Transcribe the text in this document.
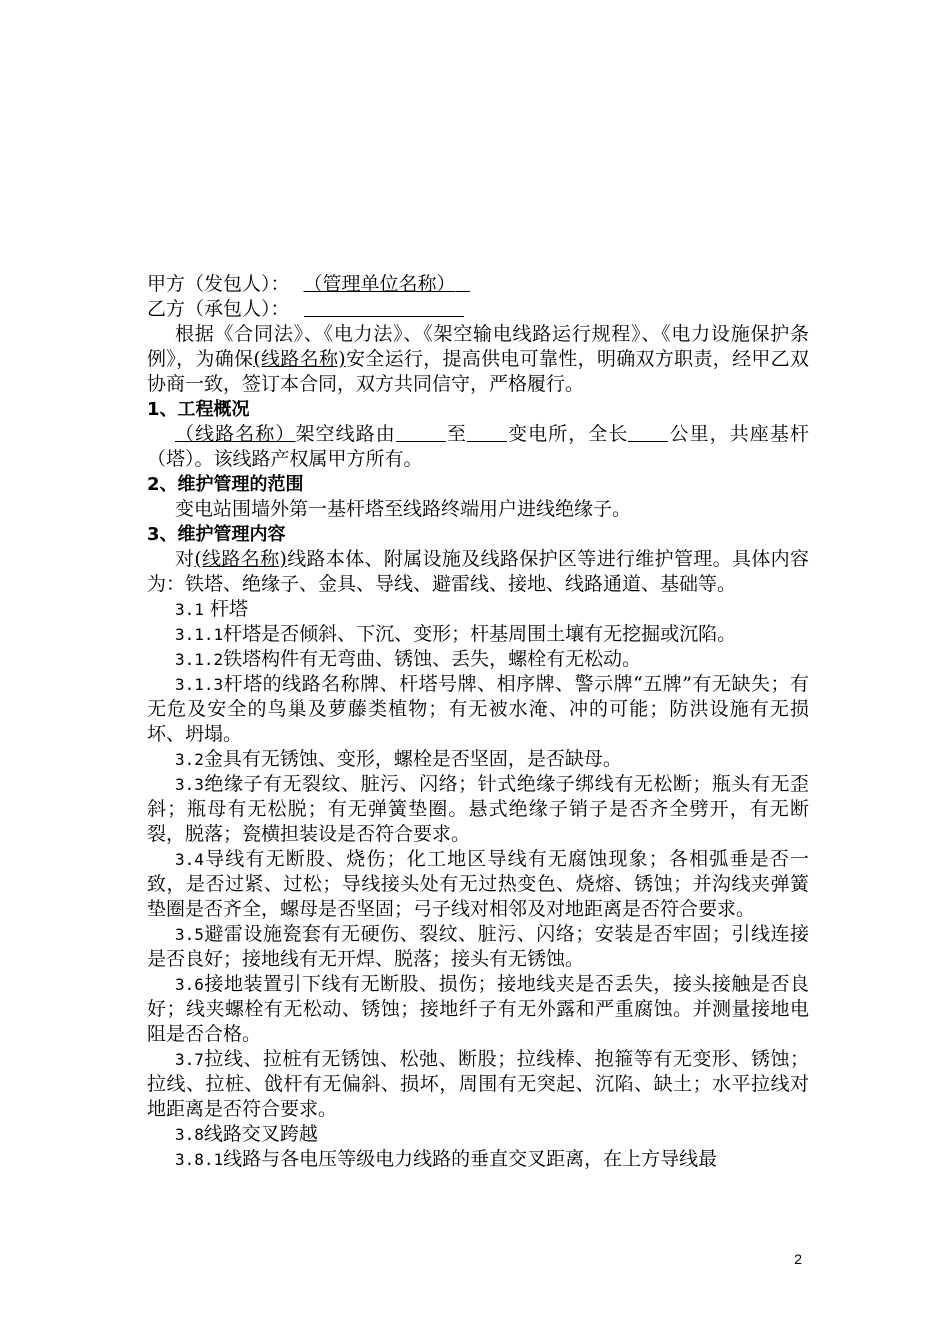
甲方（发包人）： （管理单位名称）
乙方（承包人）：
根据《合同法》、《电力法》、《架空输电线路运行规程》、《电力设施保护条例》，为确保(线路名称)安全运行，提高供电可靠性，明确双方职责，经甲乙双协商一致，签订本合同，双方共同信守，严格履行。
1、工程概况
（线路名称）架空线路由	至 变电所，全长 公里，共座基杆（塔）。该线路产权属甲方所有。
2、维护管理的范围
变电站围墙外第一基杆塔至线路终端用户进线绝缘子。
3、维护管理内容
对(线路名称)线路本体、附属设施及线路保护区等进行维护管理。具体内容为：铁塔、绝缘子、金具、导线、避雷线、接地、线路通道、基础等。
3.1 杆塔
3.1.1杆塔是否倾斜、下沉、变形；杆基周围土壤有无挖掘或沉陷。
3.1.2铁塔构件有无弯曲、锈蚀、丢失，螺栓有无松动。
3.1.3杆塔的线路名称牌、杆塔号牌、相序牌、警示牌“五牌”有无缺失；有无危及安全的鸟巢及萝藤类植物；有无被水淹、冲的可能；防洪设施有无损坏、坍塌。
3.2金具有无锈蚀、变形，螺栓是否坚固，是否缺母。
3.3绝缘子有无裂纹、脏污、闪络；针式绝缘子绑线有无松断；瓶头有无歪斜；瓶母有无松脱；有无弹簧垫圈。悬式绝缘子销子是否齐全劈开，有无断裂，脱落；瓷横担装设是否符合要求。
3.4导线有无断股、烧伤；化工地区导线有无腐蚀现象；各相弧垂是否一致，是否过紧、过松；导线接头处有无过热变色、烧熔、锈蚀；并沟线夹弹簧垫圈是否齐全，螺母是否坚固；弓子线对相邻及对地距离是否符合要求。
3.5避雷设施瓷套有无硬伤、裂纹、脏污、闪络；安装是否牢固；引线连接是否良好；接地线有无开焊、脱落；接头有无锈蚀。
3.6接地装置引下线有无断股、损伤；接地线夹是否丢失，接头接触是否良好；线夹螺栓有无松动、锈蚀；接地纤子有无外露和严重腐蚀。并测量接地电阻是否合格。
3.7拉线、拉桩有无锈蚀、松弛、断股；拉线棒、抱箍等有无变形、锈蚀；拉线、拉桩、戗杆有无偏斜、损坏，周围有无突起、沉陷、缺土；水平拉线对地距离是否符合要求。
3.8线路交叉跨越
3.8.1线路与各电压等级电力线路的垂直交叉距离，在上方导线最
2
